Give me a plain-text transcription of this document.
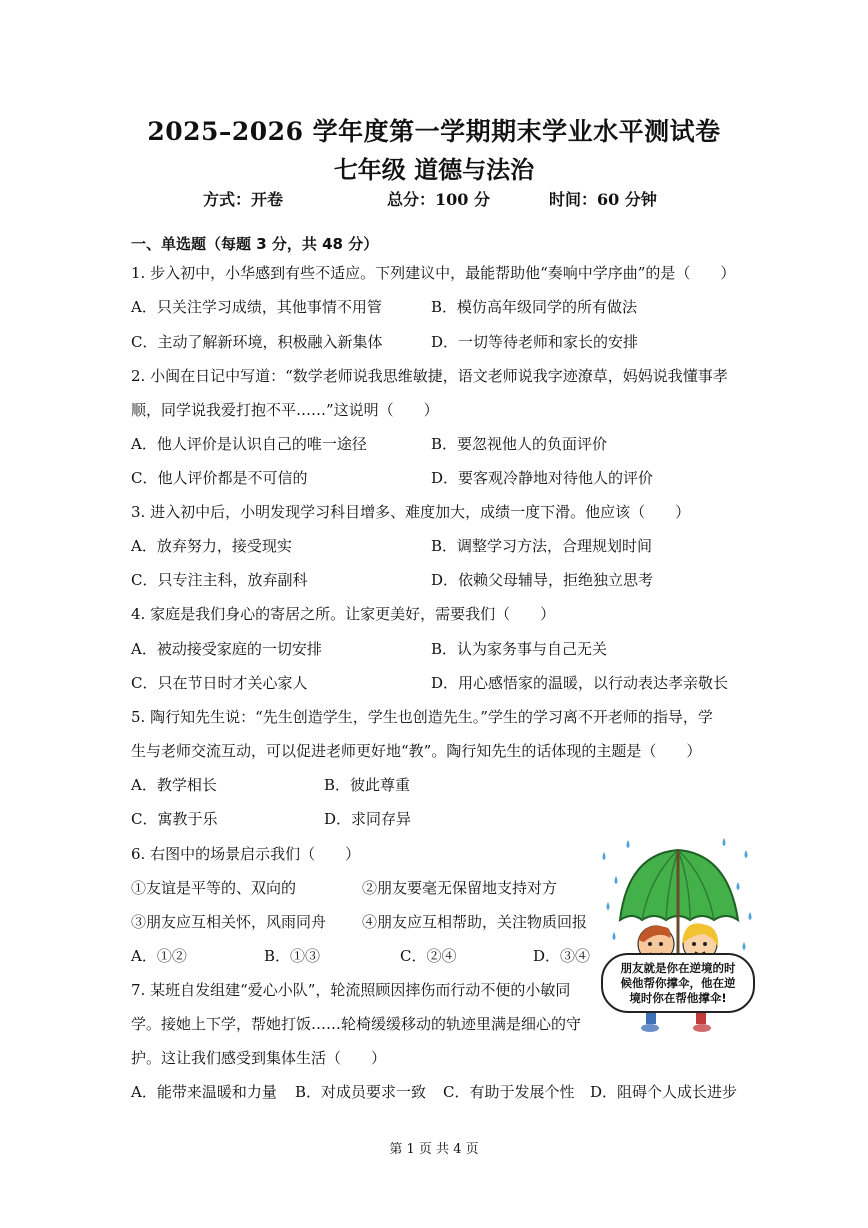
2025–2026 学年度第一学期期末学业水平测试卷
七年级 道德与法治
方式：开卷	总分：100 分	时间：60 分钟
一、单选题（每题 3 分，共 48 分）
1. 步入初中，小华感到有些不适应。下列建议中，最能帮助他“奏响中学序曲”的是（　　）
A．只关注学习成绩，其他事情不用管	B．模仿高年级同学的所有做法
C．主动了解新环境，积极融入新集体	D．一切等待老师和家长的安排
2. 小闽在日记中写道：“数学老师说我思维敏捷，语文老师说我字迹潦草，妈妈说我懂事孝
顺，同学说我爱打抱不平……”这说明（　　）
A．他人评价是认识自己的唯一途径	B．要忽视他人的负面评价
C．他人评价都是不可信的	D．要客观冷静地对待他人的评价
3. 进入初中后，小明发现学习科目增多、难度加大，成绩一度下滑。他应该（　　）
A．放弃努力，接受现实	B．调整学习方法，合理规划时间
C．只专注主科，放弃副科	D．依赖父母辅导，拒绝独立思考
4. 家庭是我们身心的寄居之所。让家更美好，需要我们（　　）
A．被动接受家庭的一切安排	B．认为家务事与自己无关
C．只在节日时才关心家人	D．用心感悟家的温暖，以行动表达孝亲敬长
5. 陶行知先生说：“先生创造学生，学生也创造先生。”学生的学习离不开老师的指导，学
生与老师交流互动，可以促进老师更好地“教”。陶行知先生的话体现的主题是（　　）
A．教学相长	B．彼此尊重
C．寓教于乐	D．求同存异
6. 右图中的场景启示我们（　　）
①友谊是平等的、双向的	②朋友要毫无保留地支持对方
③朋友应互相关怀，风雨同舟 ④朋友应互相帮助，关注物质回报
A．①②	B．①③	C．②④	D．③④
朋友就是你在逆境的时
候他帮你撑伞，他在逆
境时你在帮他撑伞!
7. 某班自发组建“爱心小队”，轮流照顾因摔伤而行动不便的小敏同
学。接她上下学，帮她打饭……轮椅缓缓移动的轨迹里满是细心的守
护。这让我们感受到集体生活（　　）
A．能带来温暖和力量 B．对成员要求一致 C．有助于发展个性 D．阻碍个人成长进步
第 1 页 共 4 页
